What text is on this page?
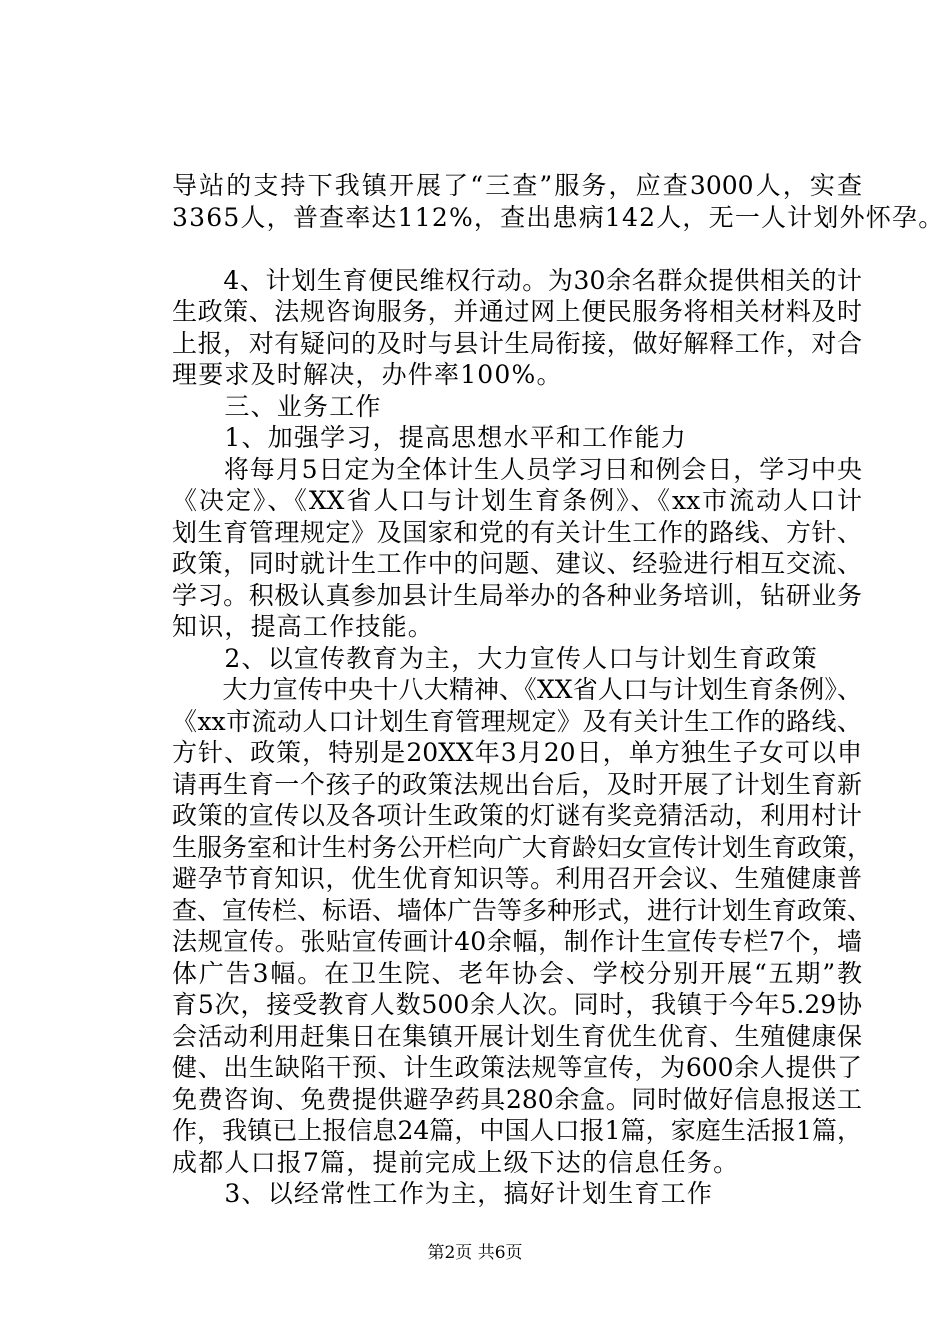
导站的支持下我镇开展了“三查”服务，应查3000人，实查
3365人，普查率达112%，查出患病142人，无一人计划外怀孕。
　　4、计划生育便民维权行动。为30余名群众提供相关的计
生政策、法规咨询服务，并通过网上便民服务将相关材料及时
上报，对有疑问的及时与县计生局衔接，做好解释工作，对合
理要求及时解决，办件率100%。
　　三、业务工作
　　1、加强学习，提高思想水平和工作能力
　　将每月5日定为全体计生人员学习日和例会日，学习中央
《决定》、《XX省人口与计划生育条例》、《xx市流动人口计
划生育管理规定》及国家和党的有关计生工作的路线、方针、
政策，同时就计生工作中的问题、建议、经验进行相互交流、
学习。积极认真参加县计生局举办的各种业务培训，钻研业务
知识，提高工作技能。
　　2、以宣传教育为主，大力宣传人口与计划生育政策
　　大力宣传中央十八大精神、《XX省人口与计划生育条例》、
《xx市流动人口计划生育管理规定》及有关计生工作的路线、
方针、政策，特别是20XX年3月20日，单方独生子女可以申
请再生育一个孩子的政策法规出台后，及时开展了计划生育新
政策的宣传以及各项计生政策的灯谜有奖竞猜活动，利用村计
生服务室和计生村务公开栏向广大育龄妇女宣传计划生育政策，
避孕节育知识，优生优育知识等。利用召开会议、生殖健康普
查、宣传栏、标语、墙体广告等多种形式，进行计划生育政策、
法规宣传。张贴宣传画计40余幅，制作计生宣传专栏7个，墙
体广告3幅。在卫生院、老年协会、学校分别开展“五期”教
育5次，接受教育人数500余人次。同时，我镇于今年5.29协
会活动利用赶集日在集镇开展计划生育优生优育、生殖健康保
健、出生缺陷干预、计生政策法规等宣传，为600余人提供了
免费咨询、免费提供避孕药具280余盒。同时做好信息报送工
作，我镇已上报信息24篇，中国人口报1篇，家庭生活报1篇，
成都人口报7篇，提前完成上级下达的信息任务。
　　3、以经常性工作为主，搞好计划生育工作
第2页 共6页
